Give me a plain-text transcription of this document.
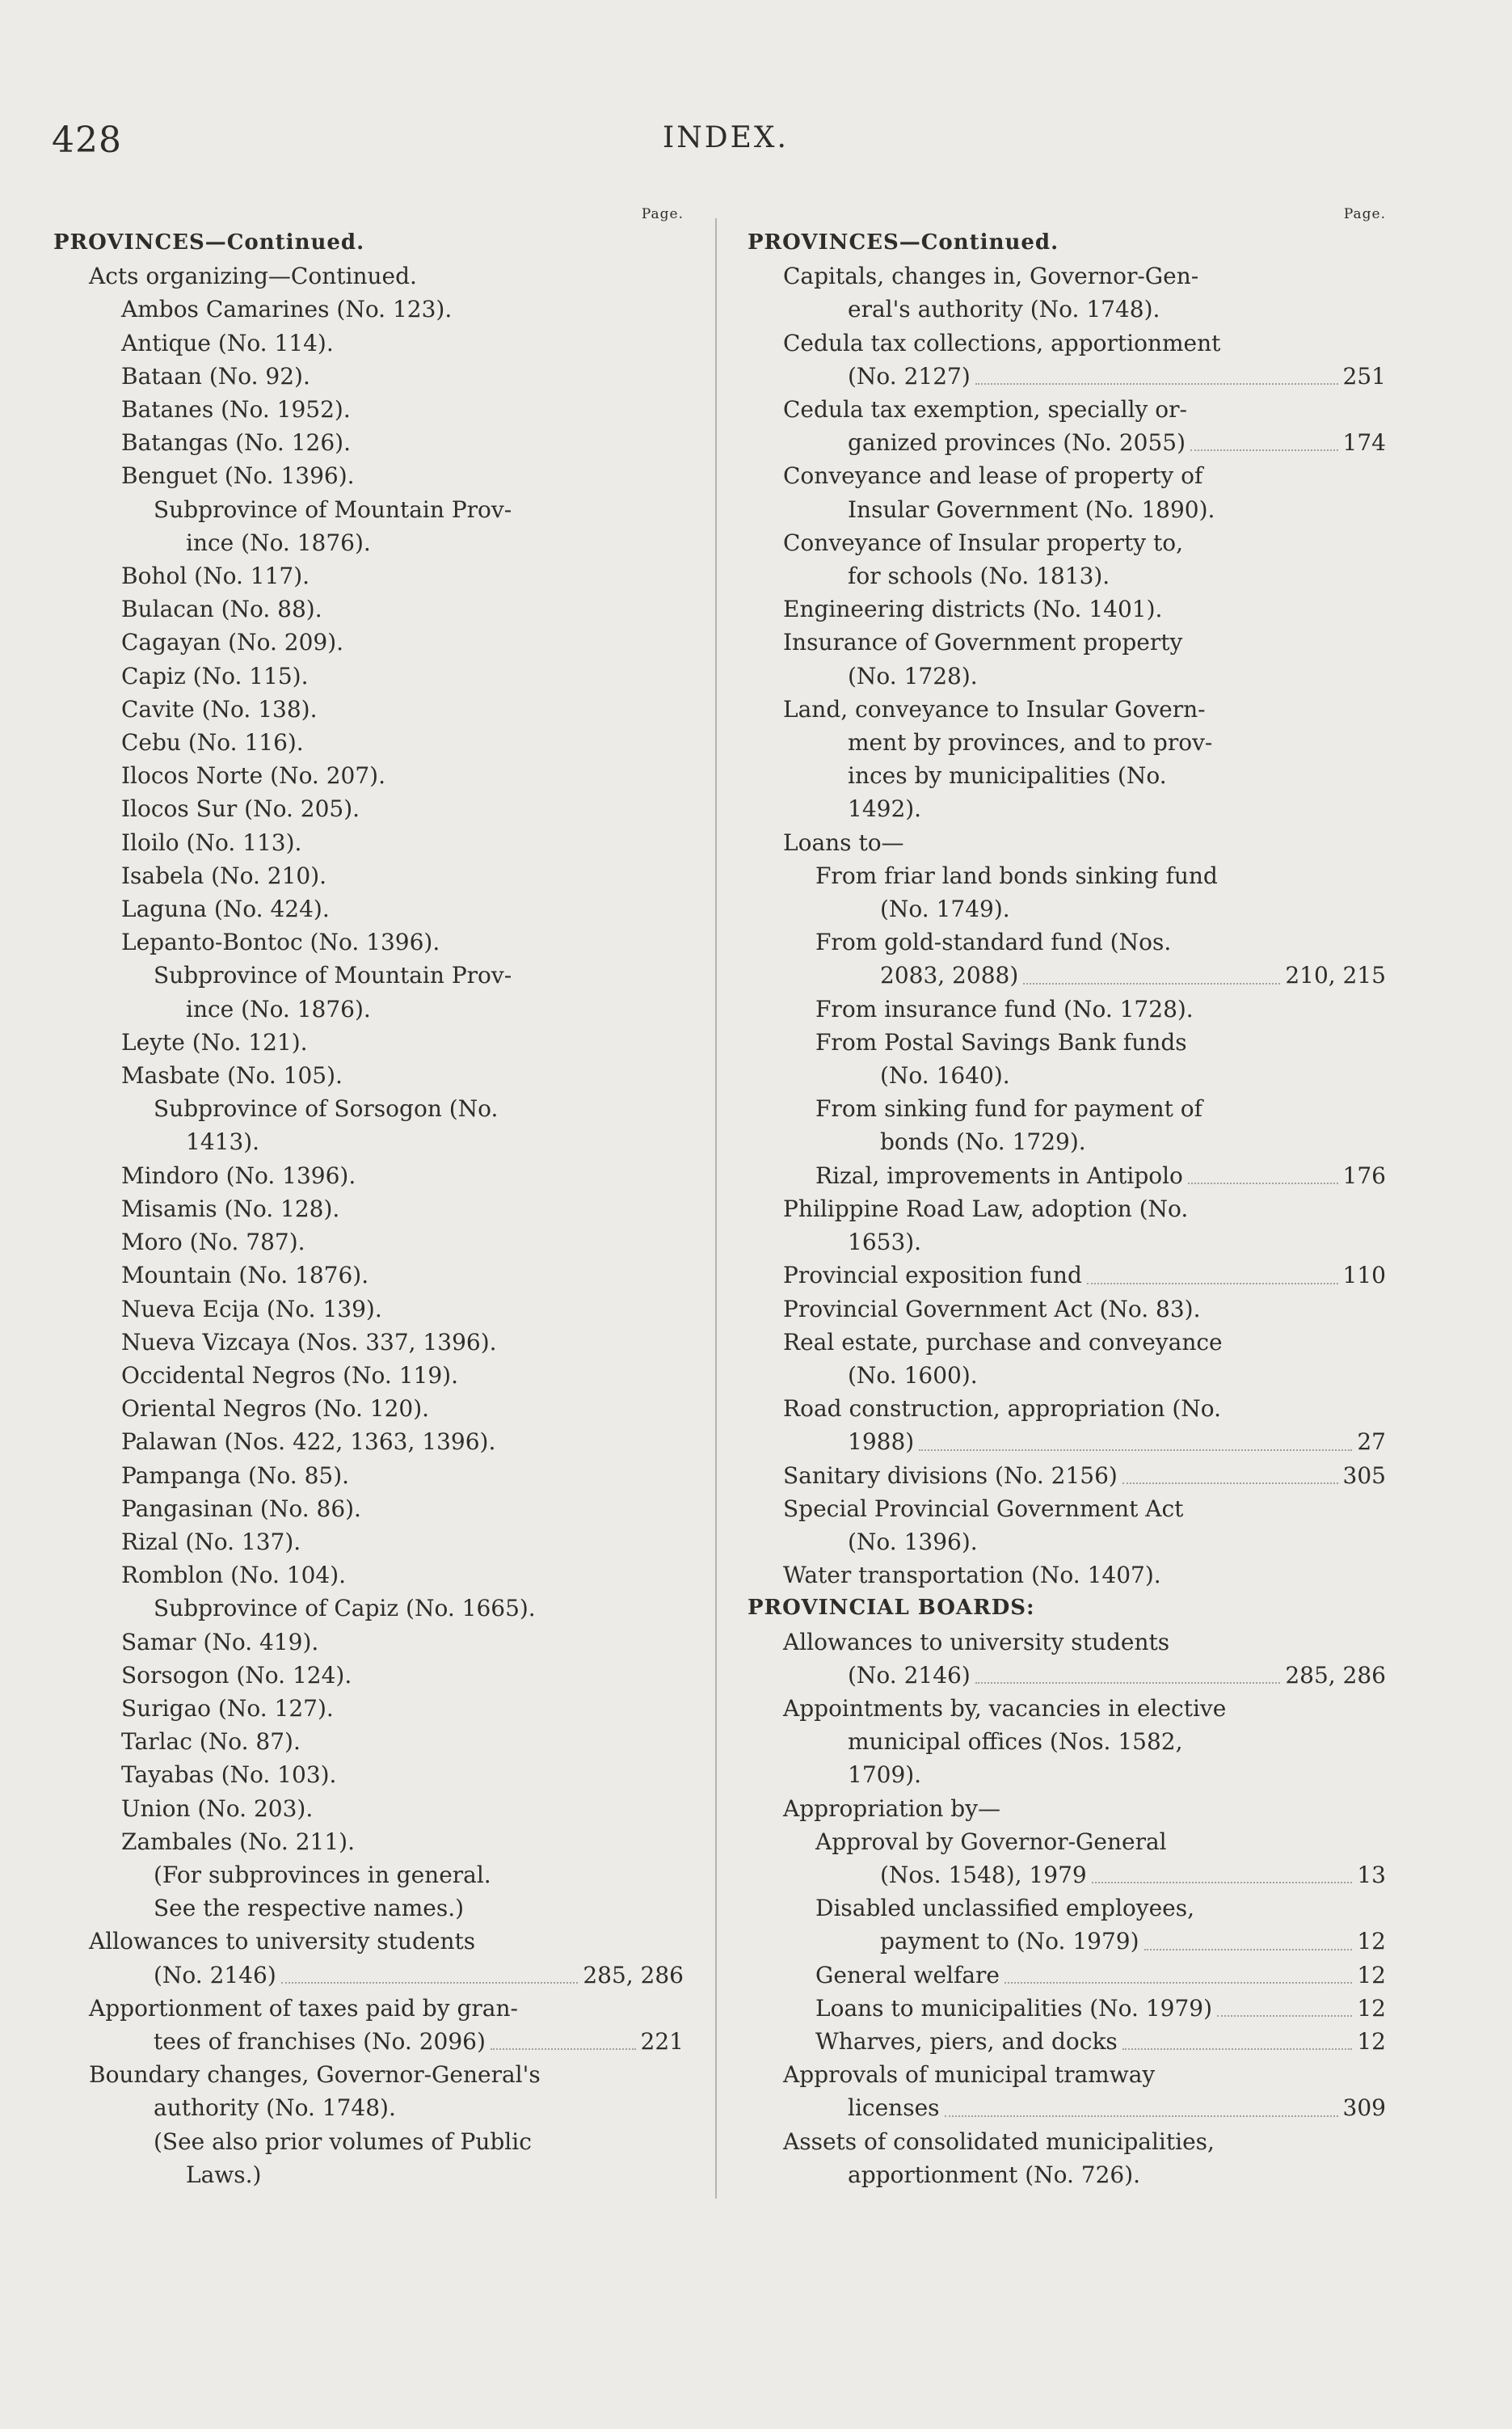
428	INDEX.
Page.
PROVINCES—Continued.
Acts organizing—Continued.
Ambos Camarines (No. 123).
Antique (No. 114).
Bataan (No. 92).
Batanes (No. 1952).
Batangas (No. 126).
Benguet (No. 1396).
Subprovince of Mountain Prov-
ince (No. 1876).
Bohol (No. 117).
Bulacan (No. 88).
Cagayan (No. 209).
Capiz (No. 115).
Cavite (No. 138).
Cebu (No. 116).
Ilocos Norte (No. 207).
Ilocos Sur (No. 205).
Iloilo (No. 113).
Isabela (No. 210).
Laguna (No. 424).
Lepanto-Bontoc (No. 1396).
Subprovince of Mountain Prov-
ince (No. 1876).
Leyte (No. 121).
Masbate (No. 105).
Subprovince of Sorsogon (No.
1413).
Mindoro (No. 1396).
Misamis (No. 128).
Moro (No. 787).
Mountain (No. 1876).
Nueva Ecija (No. 139).
Nueva Vizcaya (Nos. 337, 1396).
Occidental Negros (No. 119).
Oriental Negros (No. 120).
Palawan (Nos. 422, 1363, 1396).
Pampanga (No. 85).
Pangasinan (No. 86).
Rizal (No. 137).
Romblon (No. 104).
Subprovince of Capiz (No. 1665).
Samar (No. 419).
Sorsogon (No. 124).
Surigao (No. 127).
Tarlac (No. 87).
Tayabas (No. 103).
Union (No. 203).
Zambales (No. 211).
(For subprovinces in general.
See the respective names.)
Allowances to university students
(No. 2146)	285, 286
Apportionment of taxes paid by gran-
tees of franchises (No. 2096)	221
Boundary changes, Governor-General's
authority (No. 1748).
(See also prior volumes of Public
Laws.)
Page.
PROVINCES—Continued.
Capitals, changes in, Governor-Gen-
eral's authority (No. 1748).
Cedula tax collections, apportionment
(No. 2127)	251
Cedula tax exemption, specially or-
ganized provinces (No. 2055)	174
Conveyance and lease of property of
Insular Government (No. 1890).
Conveyance of Insular property to,
for schools (No. 1813).
Engineering districts (No. 1401).
Insurance of Government property
(No. 1728).
Land, conveyance to Insular Govern-
ment by provinces, and to prov-
inces by municipalities (No.
1492).
Loans to—
From friar land bonds sinking fund
(No. 1749).
From gold-standard fund (Nos.
2083, 2088)	210, 215
From insurance fund (No. 1728).
From Postal Savings Bank funds
(No. 1640).
From sinking fund for payment of
bonds (No. 1729).
Rizal, improvements in Antipolo	176
Philippine Road Law, adoption (No.
1653).
Provincial exposition fund	110
Provincial Government Act (No. 83).
Real estate, purchase and conveyance
(No. 1600).
Road construction, appropriation (No.
1988)	27
Sanitary divisions (No. 2156)	305
Special Provincial Government Act
(No. 1396).
Water transportation (No. 1407).
PROVINCIAL BOARDS:
Allowances to university students
(No. 2146)	285, 286
Appointments by, vacancies in elective
municipal offices (Nos. 1582,
1709).
Appropriation by—
Approval by Governor-General
(Nos. 1548), 1979	13
Disabled unclassified employees,
payment to (No. 1979)	12
General welfare	12
Loans to municipalities (No. 1979)	12
Wharves, piers, and docks	12
Approvals of municipal tramway
licenses	309
Assets of consolidated municipalities,
apportionment (No. 726).
